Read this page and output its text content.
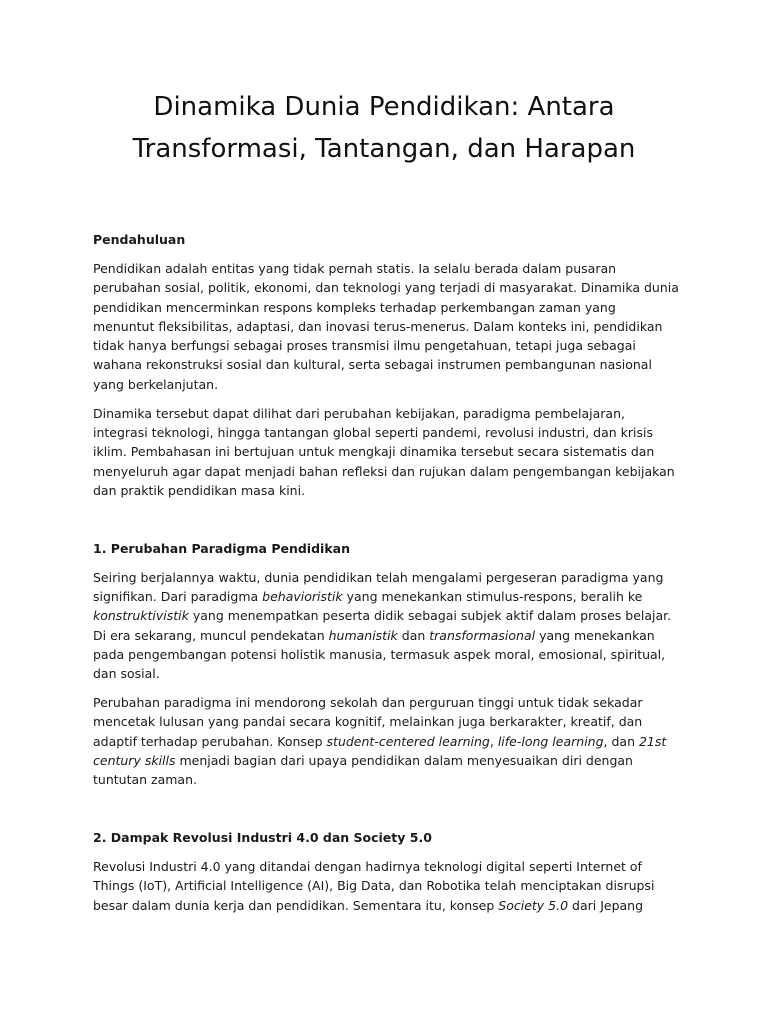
Dinamika Dunia Pendidikan: Antara
Transformasi, Tantangan, dan Harapan
Pendahuluan
Pendidikan adalah entitas yang tidak pernah statis. Ia selalu berada dalam pusaran
perubahan sosial, politik, ekonomi, dan teknologi yang terjadi di masyarakat. Dinamika dunia
pendidikan mencerminkan respons kompleks terhadap perkembangan zaman yang
menuntut fleksibilitas, adaptasi, dan inovasi terus-menerus. Dalam konteks ini, pendidikan
tidak hanya berfungsi sebagai proses transmisi ilmu pengetahuan, tetapi juga sebagai
wahana rekonstruksi sosial dan kultural, serta sebagai instrumen pembangunan nasional
yang berkelanjutan.
Dinamika tersebut dapat dilihat dari perubahan kebijakan, paradigma pembelajaran,
integrasi teknologi, hingga tantangan global seperti pandemi, revolusi industri, dan krisis
iklim. Pembahasan ini bertujuan untuk mengkaji dinamika tersebut secara sistematis dan
menyeluruh agar dapat menjadi bahan refleksi dan rujukan dalam pengembangan kebijakan
dan praktik pendidikan masa kini.
1. Perubahan Paradigma Pendidikan
Seiring berjalannya waktu, dunia pendidikan telah mengalami pergeseran paradigma yang
signifikan. Dari paradigma behavioristik yang menekankan stimulus-respons, beralih ke
konstruktivistik yang menempatkan peserta didik sebagai subjek aktif dalam proses belajar.
Di era sekarang, muncul pendekatan humanistik dan transformasional yang menekankan
pada pengembangan potensi holistik manusia, termasuk aspek moral, emosional, spiritual,
dan sosial.
Perubahan paradigma ini mendorong sekolah dan perguruan tinggi untuk tidak sekadar
mencetak lulusan yang pandai secara kognitif, melainkan juga berkarakter, kreatif, dan
adaptif terhadap perubahan. Konsep student-centered learning, life-long learning, dan 21st
century skills menjadi bagian dari upaya pendidikan dalam menyesuaikan diri dengan
tuntutan zaman.
2. Dampak Revolusi Industri 4.0 dan Society 5.0
Revolusi Industri 4.0 yang ditandai dengan hadirnya teknologi digital seperti Internet of
Things (IoT), Artificial Intelligence (AI), Big Data, dan Robotika telah menciptakan disrupsi
besar dalam dunia kerja dan pendidikan. Sementara itu, konsep Society 5.0 dari Jepang
